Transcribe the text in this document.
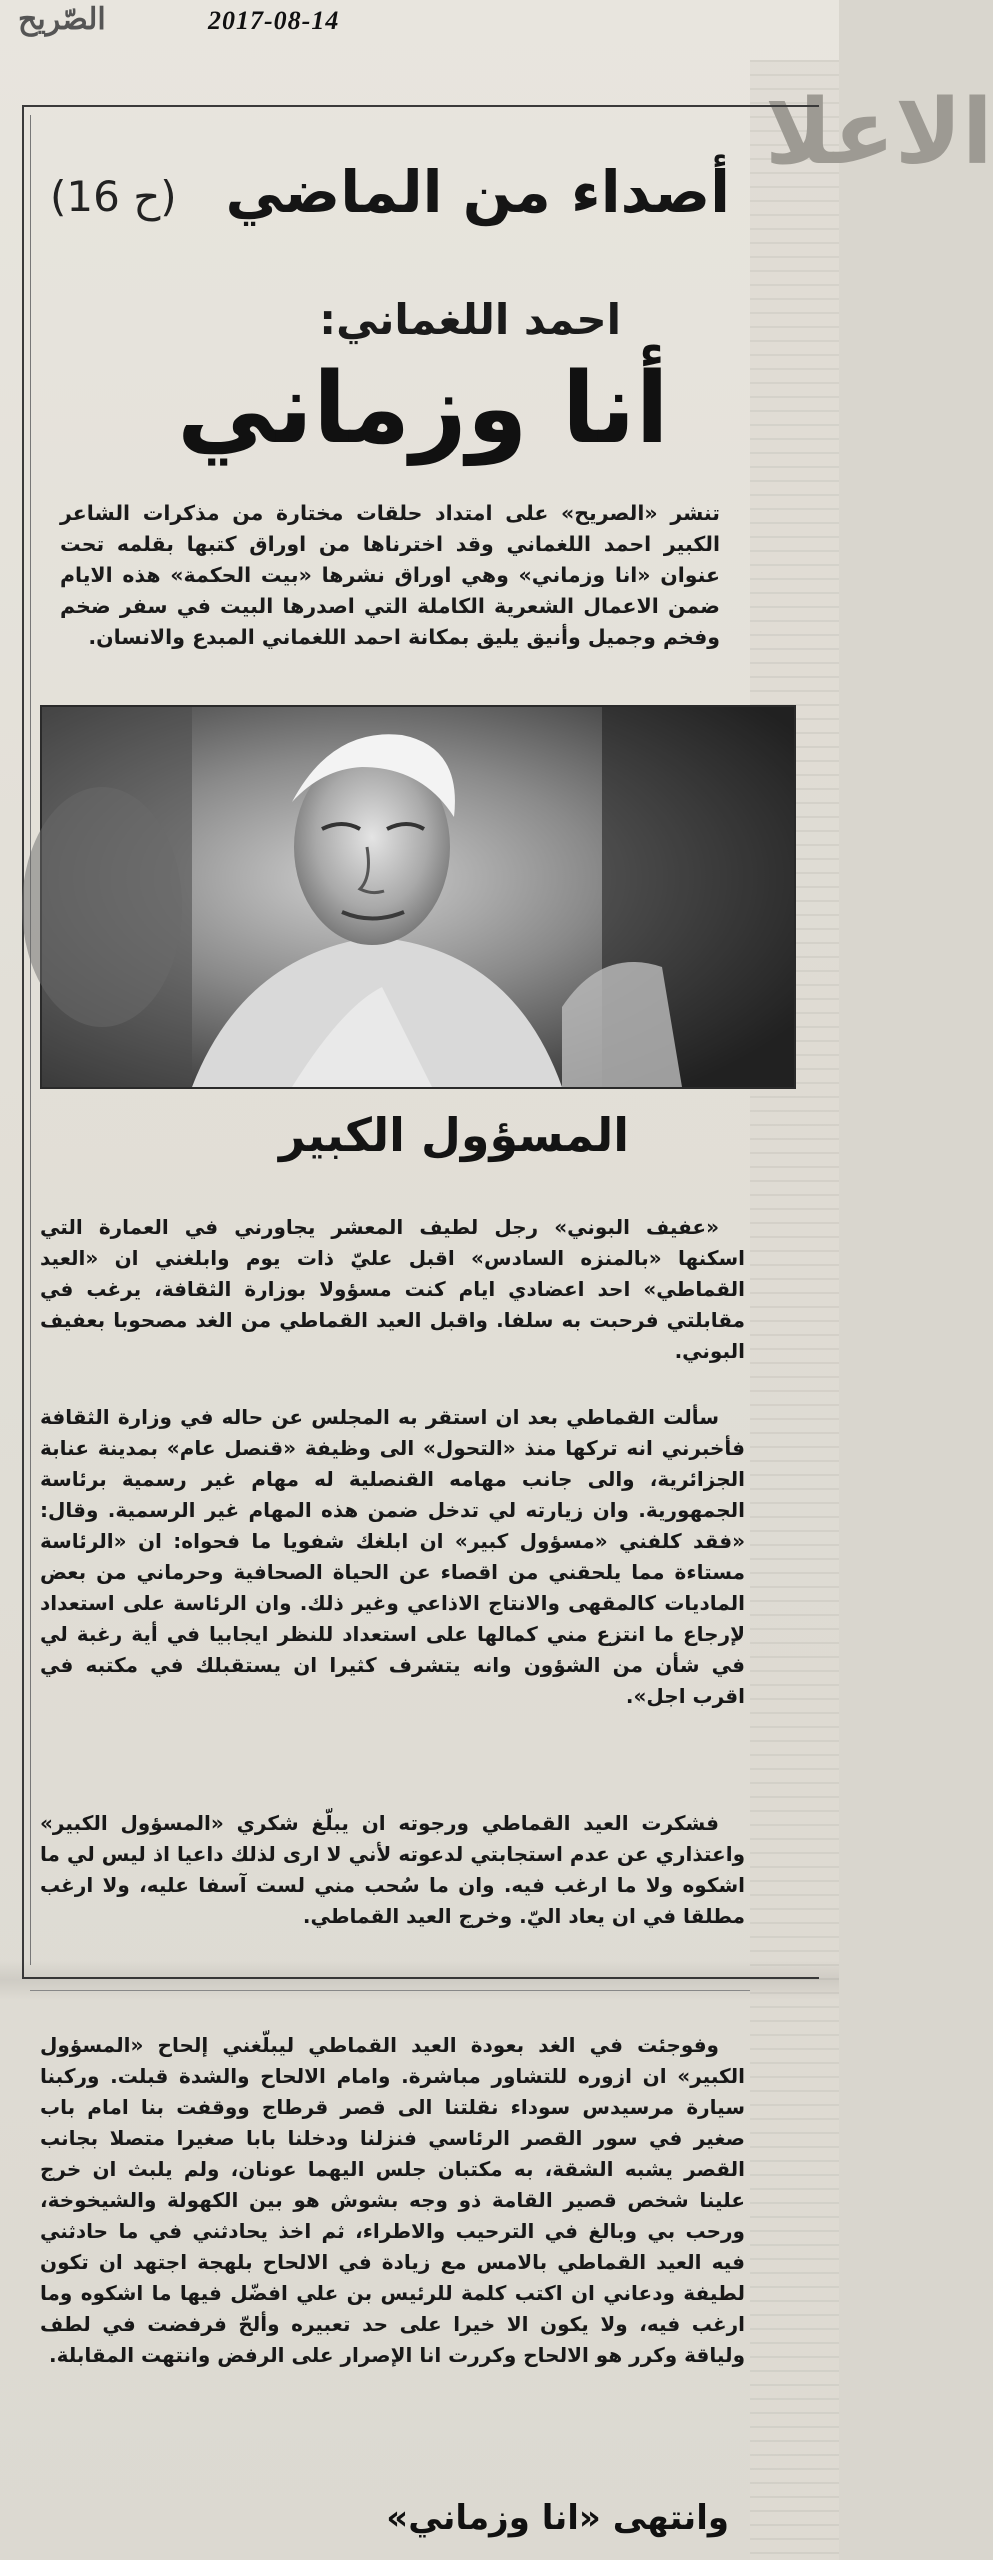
الصّريح	2017-08-14
الاعلا
(ح 16) أصداء من الماضي
احمد اللغماني:
أنا وزماني
تنشر «الصريح» على امتداد حلقات مختارة من مذكرات الشاعر الكبير احمد اللغماني وقد اخترناها من اوراق كتبها بقلمه تحت عنوان «انا وزماني» وهي اوراق نشرها «بيت الحكمة» هذه الايام ضمن الاعمال الشعرية الكاملة التي اصدرها البيت في سفر ضخم وفخم وجميل وأنيق يليق بمكانة احمد اللغماني المبدع والانسان.
المسؤول الكبير

«عفيف البوني» رجل لطيف المعشر يجاورني في العمارة التي اسكنها «بالمنزه السادس» اقبل عليّ ذات يوم وابلغني ان «العيد القماطي» احد اعضادي ايام كنت مسؤولا بوزارة الثقافة، يرغب في مقابلتي فرحبت به سلفا. واقبل العيد القماطي من الغد مصحوبا بعفيف البوني.

سألت القماطي بعد ان استقر به المجلس عن حاله في وزارة الثقافة فأخبرني انه تركها منذ «التحول» الى وظيفة «قنصل عام» بمدينة عنابة الجزائرية، والى جانب مهامه القنصلية له مهام غير رسمية برئاسة الجمهورية. وان زيارته لي تدخل ضمن هذه المهام غير الرسمية. وقال: «فقد كلفني «مسؤول كبير» ان ابلغك شفويا ما فحواه: ان «الرئاسة مستاءة مما يلحقني من اقصاء عن الحياة الصحافية وحرماني من بعض الماديات كالمقهى والانتاج الاذاعي وغير ذلك. وان الرئاسة على استعداد لإرجاع ما انتزع مني كمالها على استعداد للنظر ايجابيا في أية رغبة لي في شأن من الشؤون وانه يتشرف كثيرا ان يستقبلك في مكتبه في اقرب اجل».

فشكرت العيد القماطي ورجوته ان يبلّغ شكري «المسؤول الكبير» واعتذاري عن عدم استجابتي لدعوته لأني لا ارى لذلك داعيا اذ ليس لي ما اشكوه ولا ما ارغب فيه. وان ما سُحب مني لست آسفا عليه، ولا ارغب مطلقا في ان يعاد اليّ. وخرج العيد القماطي.

وفوجئت في الغد بعودة العيد القماطي ليبلّغني إلحاح «المسؤول الكبير» ان ازوره للتشاور مباشرة. وامام الالحاح والشدة قبلت. وركبنا سيارة مرسيدس سوداء نقلتنا الى قصر قرطاج ووقفت بنا امام باب صغير في سور القصر الرئاسي فنزلنا ودخلنا بابا صغيرا متصلا بجانب القصر يشبه الشقة، به مكتبان جلس اليهما عونان، ولم يلبث ان خرج علينا شخص قصير القامة ذو وجه بشوش هو بين الكهولة والشيخوخة، ورحب بي وبالغ في الترحيب والاطراء، ثم اخذ يحادثني في ما حادثني فيه العيد القماطي بالامس مع زيادة في الالحاح بلهجة اجتهد ان تكون لطيفة ودعاني ان اكتب كلمة للرئيس بن علي افضّل فيها ما اشكوه وما ارغب فيه، ولا يكون الا خيرا على حد تعبيره وألحّ فرفضت في لطف ولياقة وكرر هو الالحاح وكررت انا الإصرار على الرفض وانتهت المقابلة.

وانتهى «انا وزماني»
